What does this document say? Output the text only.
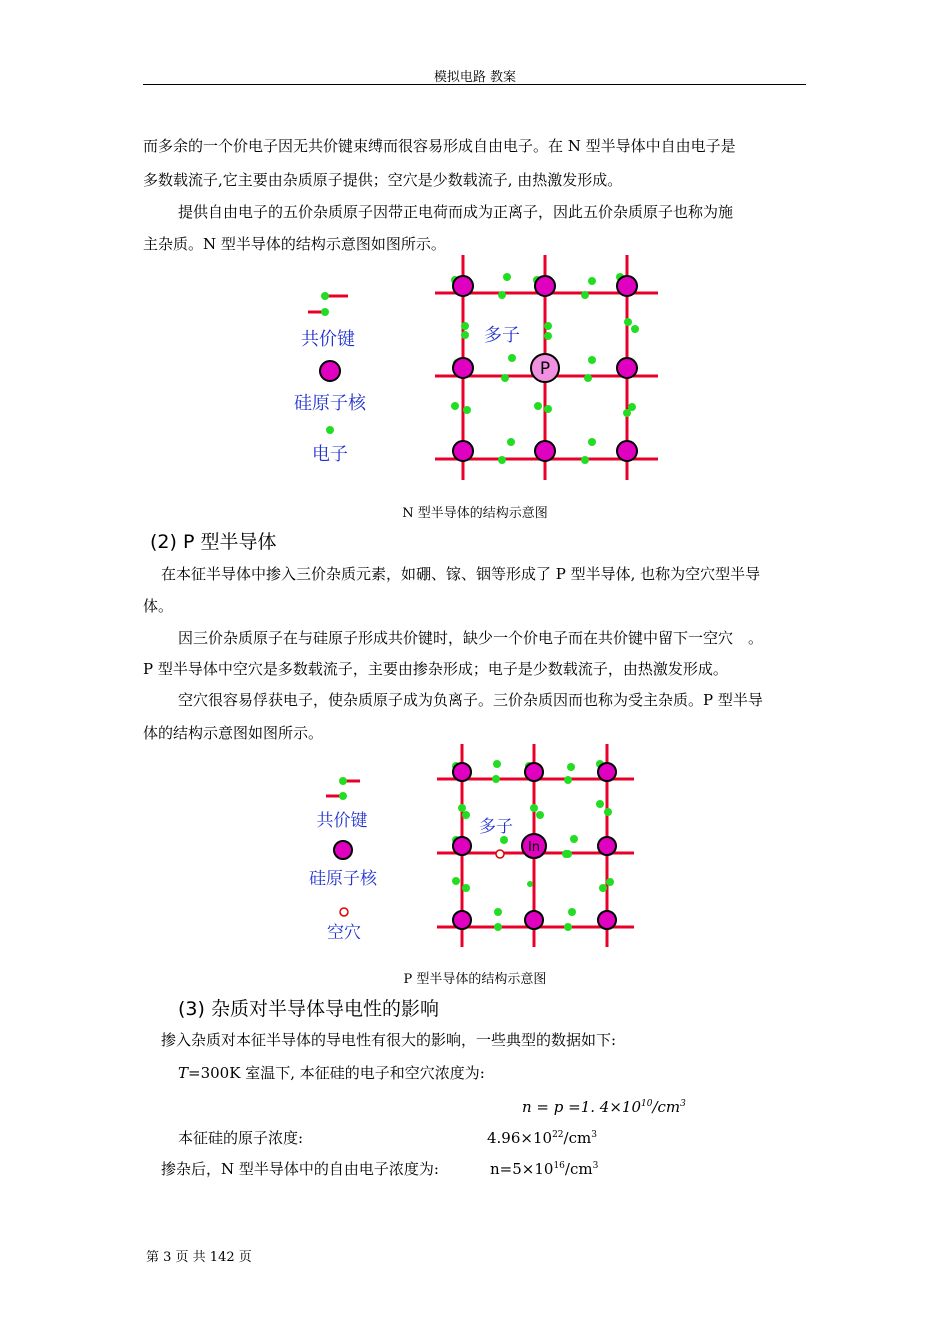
模拟电路 教案
而多余的一个价电子因无共价键束缚而很容易形成自由电子。在 N 型半导体中自由电子是
多数载流子,它主要由杂质原子提供；空穴是少数载流子, 由热激发形成。
提供自由电子的五价杂质原子因带正电荷而成为正离子，因此五价杂质原子也称为施
主杂质。N 型半导体的结构示意图如图所示。
共价键
硅原子核
电子
P
多子
N 型半导体的结构示意图
(2) P 型半导体
在本征半导体中掺入三价杂质元素，如硼、镓、铟等形成了 P 型半导体, 也称为空穴型半导
体。
因三价杂质原子在与硅原子形成共价键时，缺少一个价电子而在共价键中留下一空穴　。
P 型半导体中空穴是多数载流子，主要由掺杂形成；电子是少数载流子，由热激发形成。
空穴很容易俘获电子，使杂质原子成为负离子。三价杂质因而也称为受主杂质。P 型半导
体的结构示意图如图所示。
共价键
硅原子核
空穴
In
多子
P 型半导体的结构示意图
(3) 杂质对半导体导电性的影响
掺入杂质对本征半导体的导电性有很大的影响，一些典型的数据如下:
T=300K 室温下, 本征硅的电子和空穴浓度为:
n = p =1. $4\times 10^{10}/cm^3$
本征硅的原子浓度:	$4.96\times 10^{22}/cm^3$
掺杂后，N 型半导体中的自由电子浓度为:	$n=5\times 10^{16}/cm^3$
第 3 页 共 142 页
